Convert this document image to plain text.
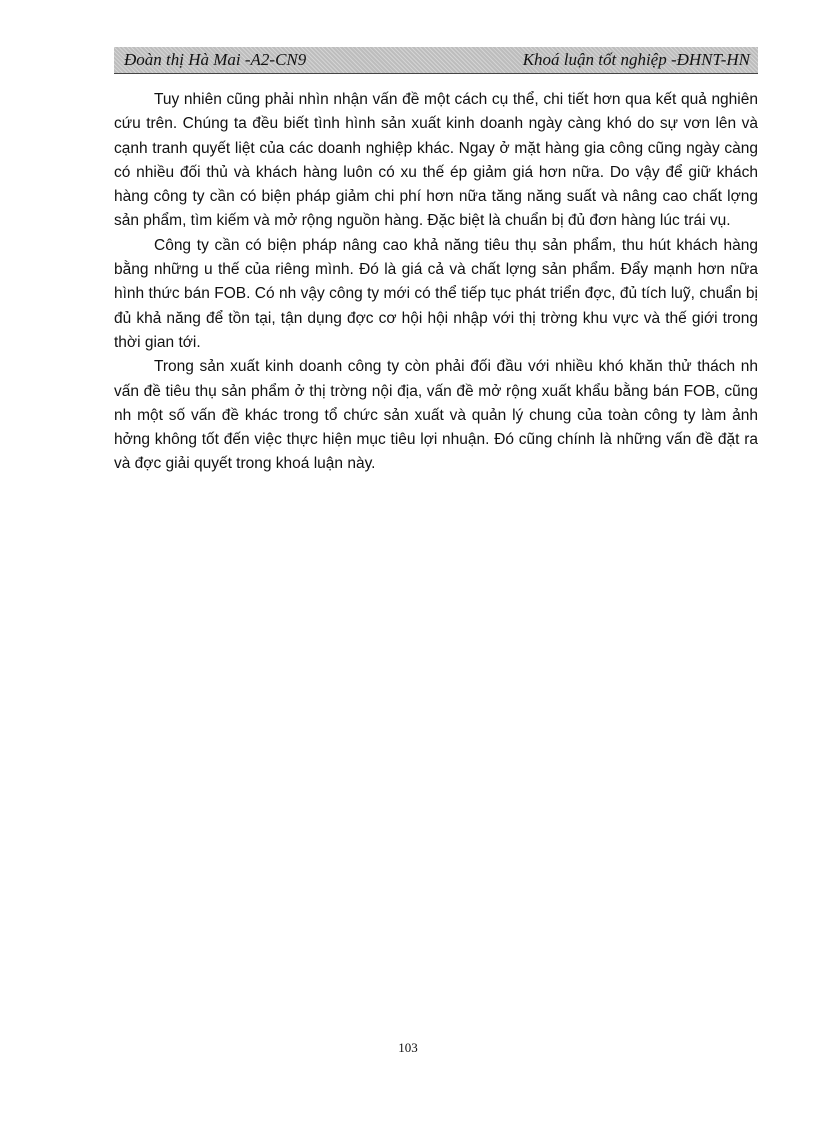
Đoàn thị Hà Mai -A2-CN9	Khoá luận tốt nghiệp -ĐHNT-HN

Tuy nhiên cũng phải nhìn nhận vấn đề một cách cụ thể, chi tiết hơn qua kết quả nghiên cứu trên. Chúng ta đều biết tình hình sản xuất kinh doanh ngày càng khó do sự vơn lên và cạnh tranh quyết liệt của các doanh nghiệp khác. Ngay ở mặt hàng gia công cũng ngày càng có nhiều đối thủ và khách hàng luôn có xu thế ép giảm giá hơn nữa. Do vậy để giữ khách hàng công ty cần có biện pháp giảm chi phí hơn nữa tăng năng suất và nâng cao chất lợng sản phẩm, tìm kiếm và mở rộng nguồn hàng. Đặc biệt là chuẩn bị đủ đơn hàng lúc trái vụ.

Công ty cần có biện pháp nâng cao khả năng tiêu thụ sản phẩm, thu hút khách hàng bằng những u thế của riêng mình. Đó là giá cả và chất lợng sản phẩm. Đẩy mạnh hơn nữa hình thức bán FOB. Có nh vậy công ty mới có thể tiếp tục phát triển đợc, đủ tích luỹ, chuẩn bị đủ khả năng để tồn tại, tận dụng đợc cơ hội hội nhập với thị trờng khu vực và thế giới trong thời gian tới.

Trong sản xuất kinh doanh công ty còn phải đối đầu với nhiều khó khăn thử thách nh vấn đề tiêu thụ sản phẩm ở thị trờng nội địa, vấn đề mở rộng xuất khẩu bằng bán FOB, cũng nh một số vấn đề khác trong tổ chức sản xuất và quản lý chung của toàn công ty làm ảnh hởng không tốt đến việc thực hiện mục tiêu lợi nhuận. Đó cũng chính là những vấn đề đặt ra và đợc giải quyết trong khoá luận này.

103
